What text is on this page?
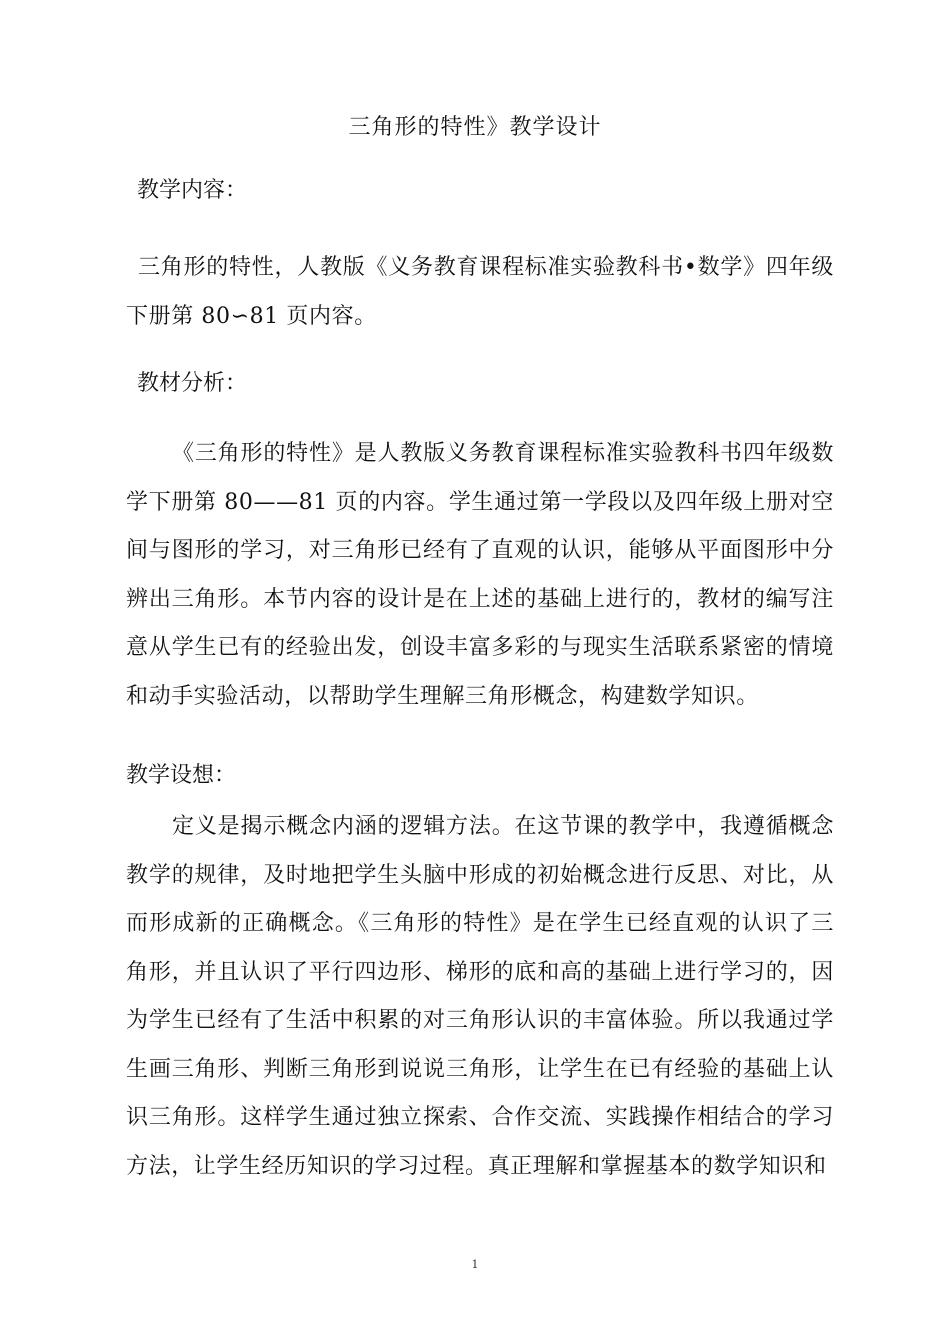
三角形的特性》教学设计
教学内容：

三角形的特性，人教版《义务教育课程标准实验教科书•数学》四年级下册第 80∽81 页内容。

教材分析：

《三角形的特性》是人教版义务教育课程标准实验教科书四年级数学下册第 80——81 页的内容。学生通过第一学段以及四年级上册对空间与图形的学习，对三角形已经有了直观的认识，能够从平面图形中分辨出三角形。本节内容的设计是在上述的基础上进行的，教材的编写注意从学生已有的经验出发，创设丰富多彩的与现实生活联系紧密的情境和动手实验活动，以帮助学生理解三角形概念，构建数学知识。

教学设想：

定义是揭示概念内涵的逻辑方法。在这节课的教学中，我遵循概念教学的规律，及时地把学生头脑中形成的初始概念进行反思、对比，从而形成新的正确概念。《三角形的特性》是在学生已经直观的认识了三角形，并且认识了平行四边形、梯形的底和高的基础上进行学习的，因为学生已经有了生活中积累的对三角形认识的丰富体验。所以我通过学生画三角形、判断三角形到说说三角形，让学生在已有经验的基础上认识三角形。这样学生通过独立探索、合作交流、实践操作相结合的学习方法，让学生经历知识的学习过程。真正理解和掌握基本的数学知识和

1
